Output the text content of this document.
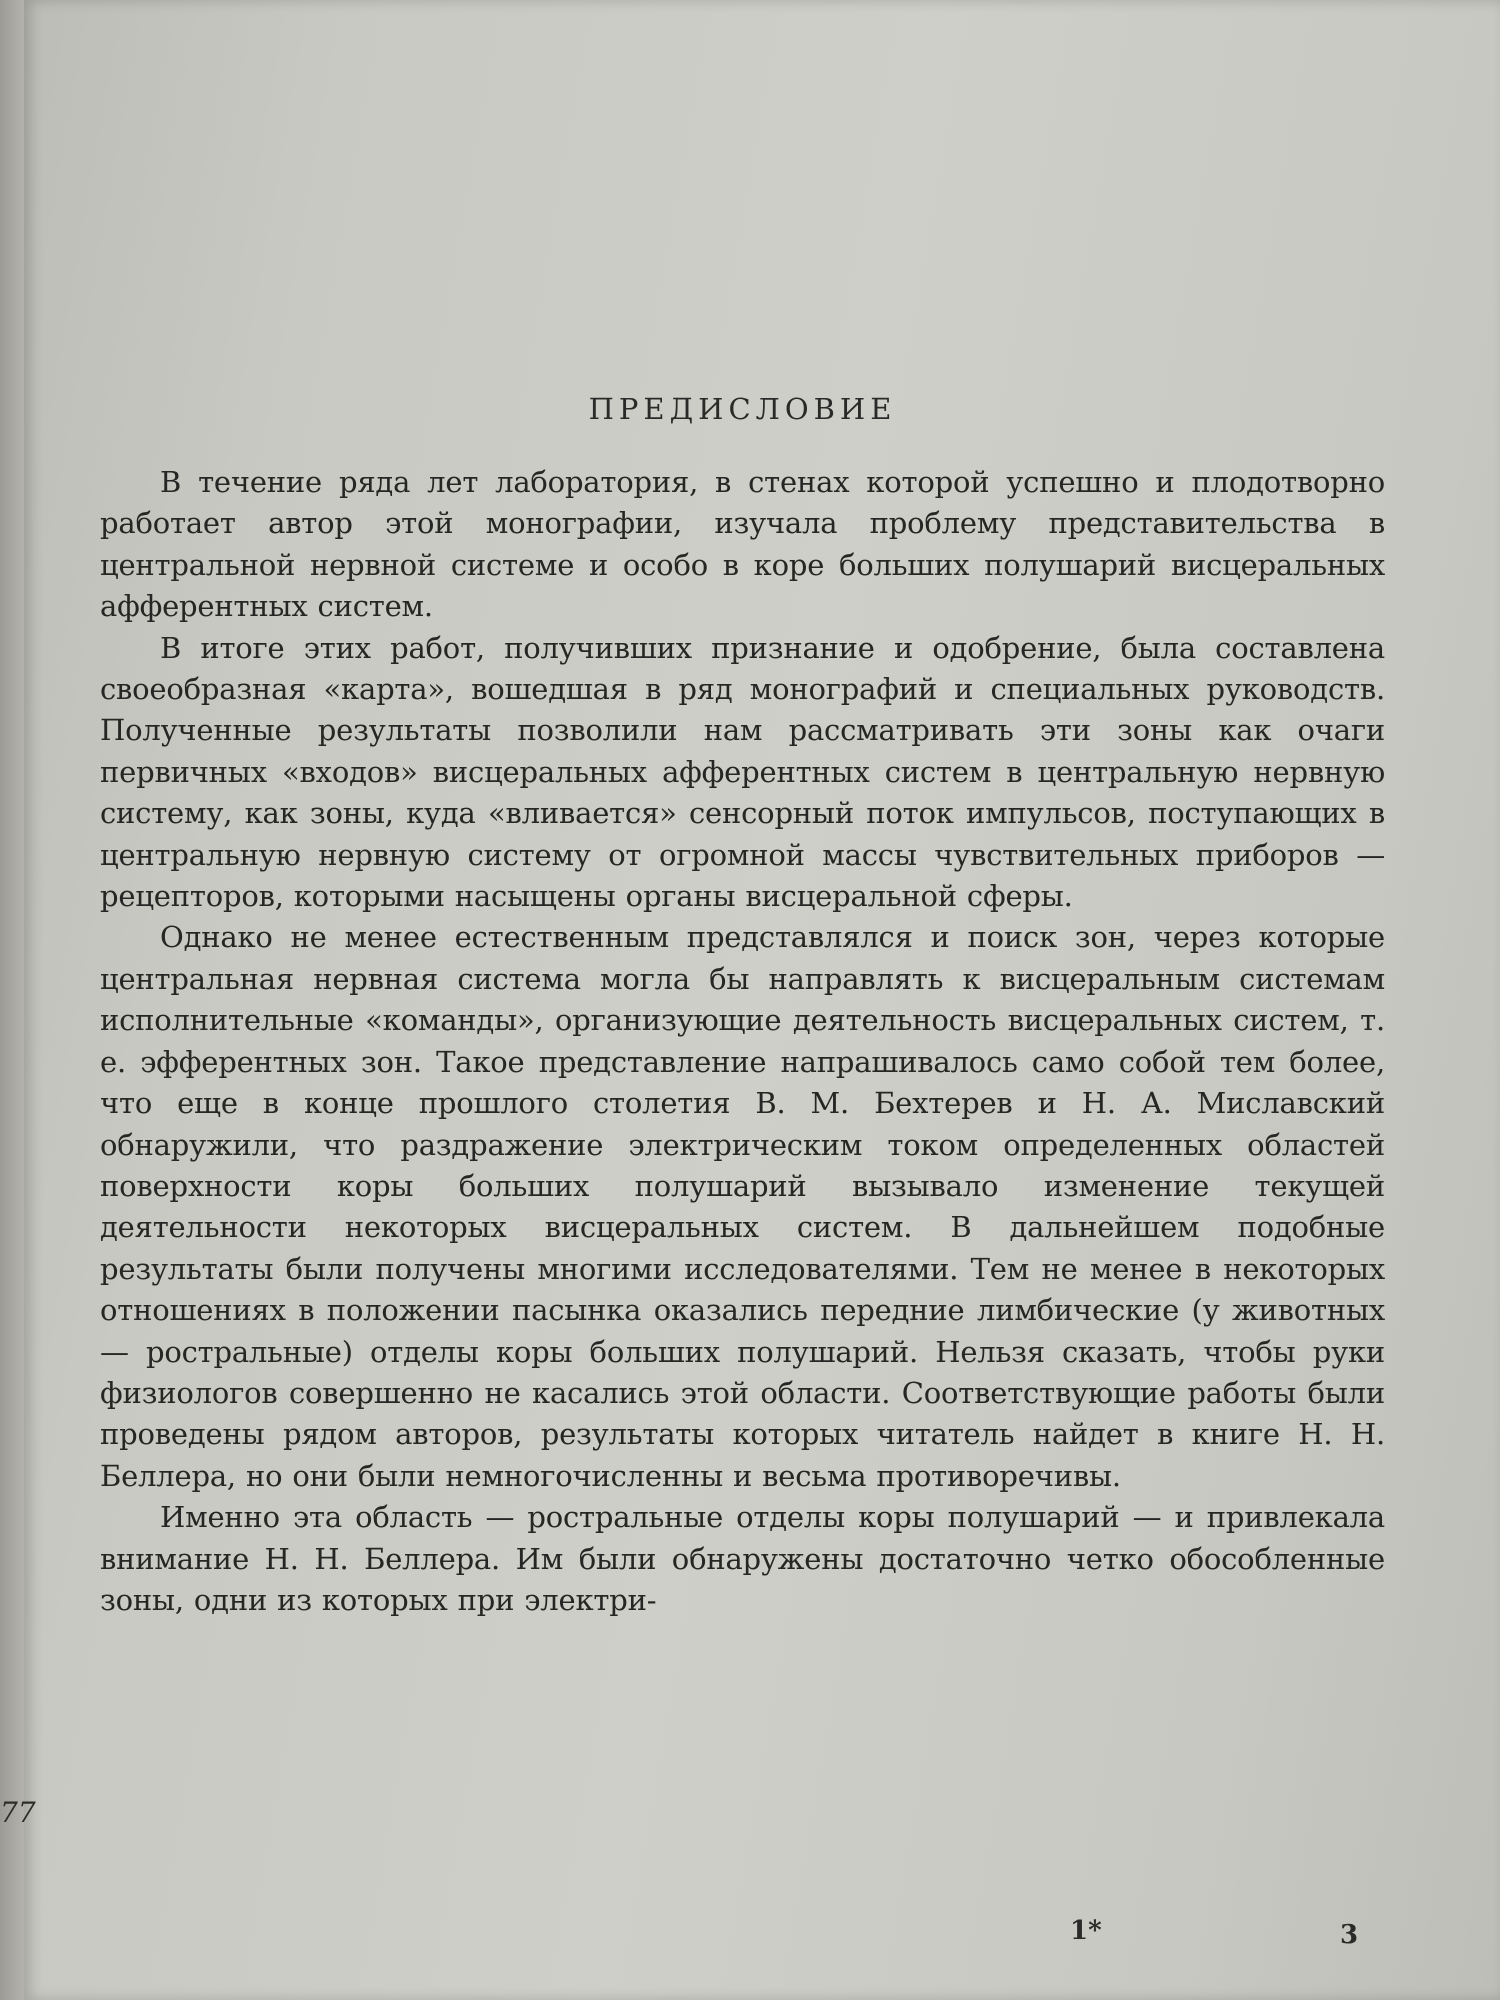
77
ПРЕДИСЛОВИЕ

В течение ряда лет лаборатория, в стенах которой успешно и плодотворно работает автор этой монографии, изучала проблему представительства в центральной нервной системе и особо в коре больших полушарий висцеральных афферентных систем.

В итоге этих работ, получивших признание и одобрение, была составлена своеобразная «карта», вошедшая в ряд монографий и специальных руководств. Полученные результаты позволили нам рассматривать эти зоны как очаги первичных «входов» висцеральных афферентных систем в центральную нервную систему, как зоны, куда «вливается» сенсорный поток импульсов, поступающих в центральную нервную систему от огромной массы чувствительных приборов — рецепторов, которыми насыщены органы висцеральной сферы.

Однако не менее естественным представлялся и поиск зон, через которые центральная нервная система могла бы направлять к висцеральным системам исполнительные «команды», организующие деятельность висцеральных систем, т. е. эфферентных зон. Такое представление напрашивалось само собой тем более, что еще в конце прошлого столетия В. М. Бехтерев и Н. А. Миславский обнаружили, что раздражение электрическим током определенных областей поверхности коры больших полушарий вызывало изменение текущей деятельности некоторых висцеральных систем. В дальнейшем подобные результаты были получены многими исследователями. Тем не менее в некоторых отношениях в положении пасынка оказались передние лимбические (у животных — ростральные) отделы коры больших полушарий. Нельзя сказать, чтобы руки физиологов совершенно не касались этой области. Соответствующие работы были проведены рядом авторов, результаты которых читатель найдет в книге Н. Н. Беллера, но они были немногочисленны и весьма противоречивы.

Именно эта область — ростральные отделы коры полушарий — и привлекала внимание Н. Н. Беллера. Им были обнаружены достаточно четко обособленные зоны, одни из которых при электри-

1*	3
